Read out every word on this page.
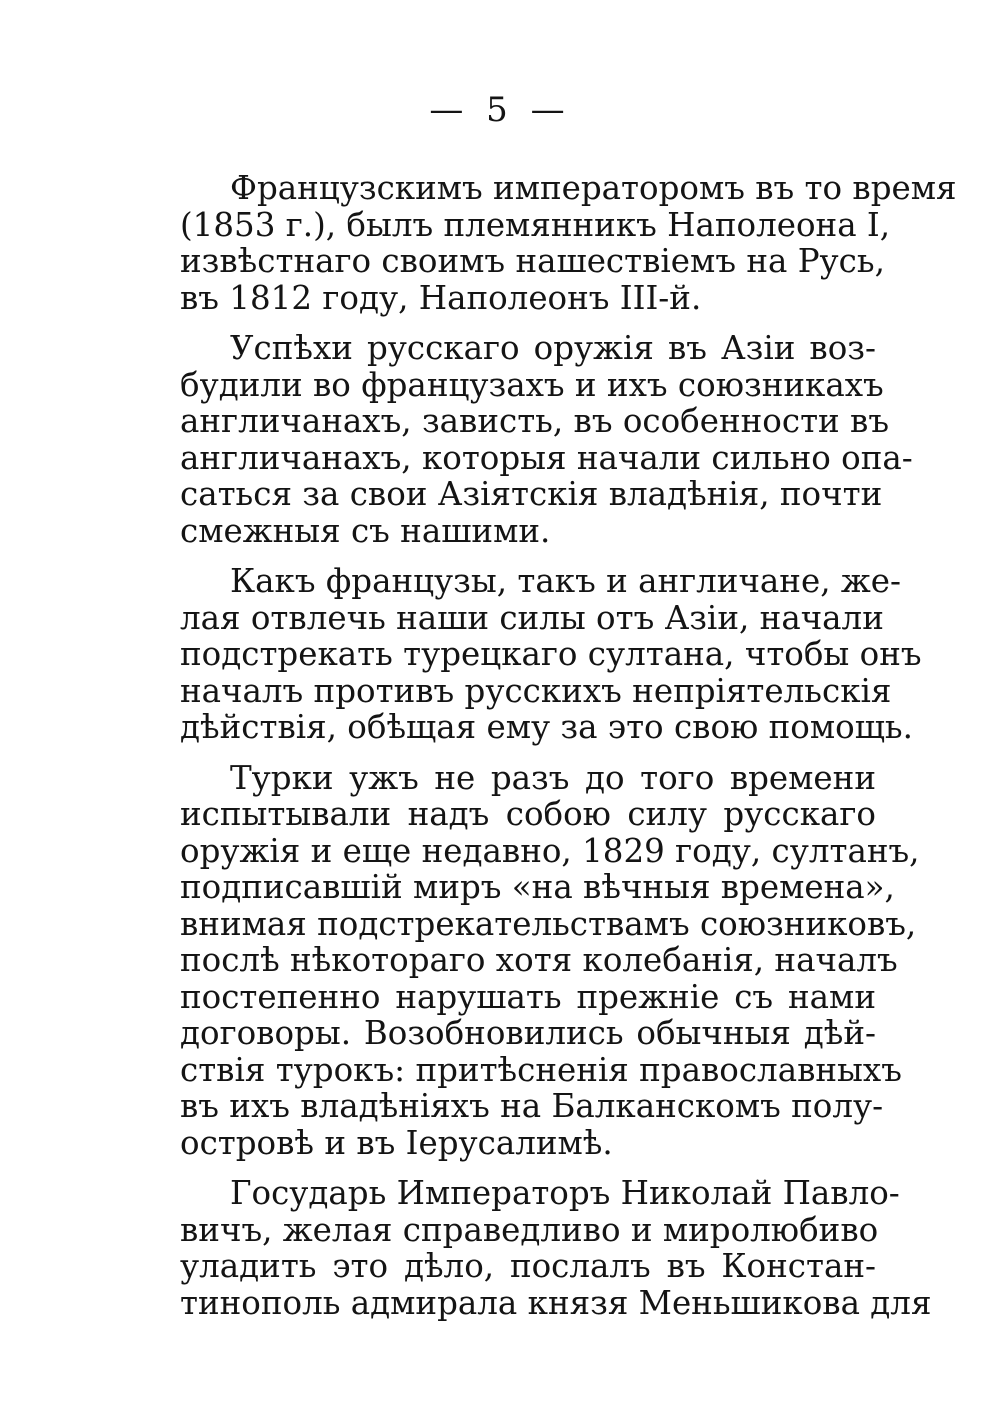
— 5 —
Французскимъ императоромъ въ то время
(1853 г.), былъ племянникъ Наполеона I,
извѣстнаго своимъ нашествіемъ на Русь,
въ 1812 году, Наполеонъ III-й.
Успѣхи русскаго оружія въ Азіи воз-
будили во французахъ и ихъ союзникахъ
англичанахъ, зависть, въ особенности въ
англичанахъ, которыя начали сильно опа-
саться за свои Азіятскія владѣнія, почти
смежныя съ нашими.
Какъ французы, такъ и англичане, же-
лая отвлечь наши силы отъ Азіи, начали
подстрекать турецкаго султана, чтобы онъ
началъ противъ русскихъ непріятельскія
дѣйствія, обѣщая ему за это свою помощь.
Турки ужъ не разъ до того времени
испытывали надъ собою силу русскаго
оружія и еще недавно, 1829 году, султанъ,
подписавшій миръ «на вѣчныя времена»,
внимая подстрекательствамъ союзниковъ,
послѣ нѣкотораго хотя колебанія, началъ
постепенно нарушать прежніе съ нами
договоры. Возобновились обычныя дѣй-
ствія турокъ: притѣсненія православныхъ
въ ихъ владѣніяхъ на Балканскомъ полу-
островѣ и въ Іерусалимѣ.
Государь Императоръ Николай Павло-
вичъ, желая справедливо и миролюбиво
уладить это дѣло, послалъ въ Констан-
тинополь адмирала князя Меньшикова для
